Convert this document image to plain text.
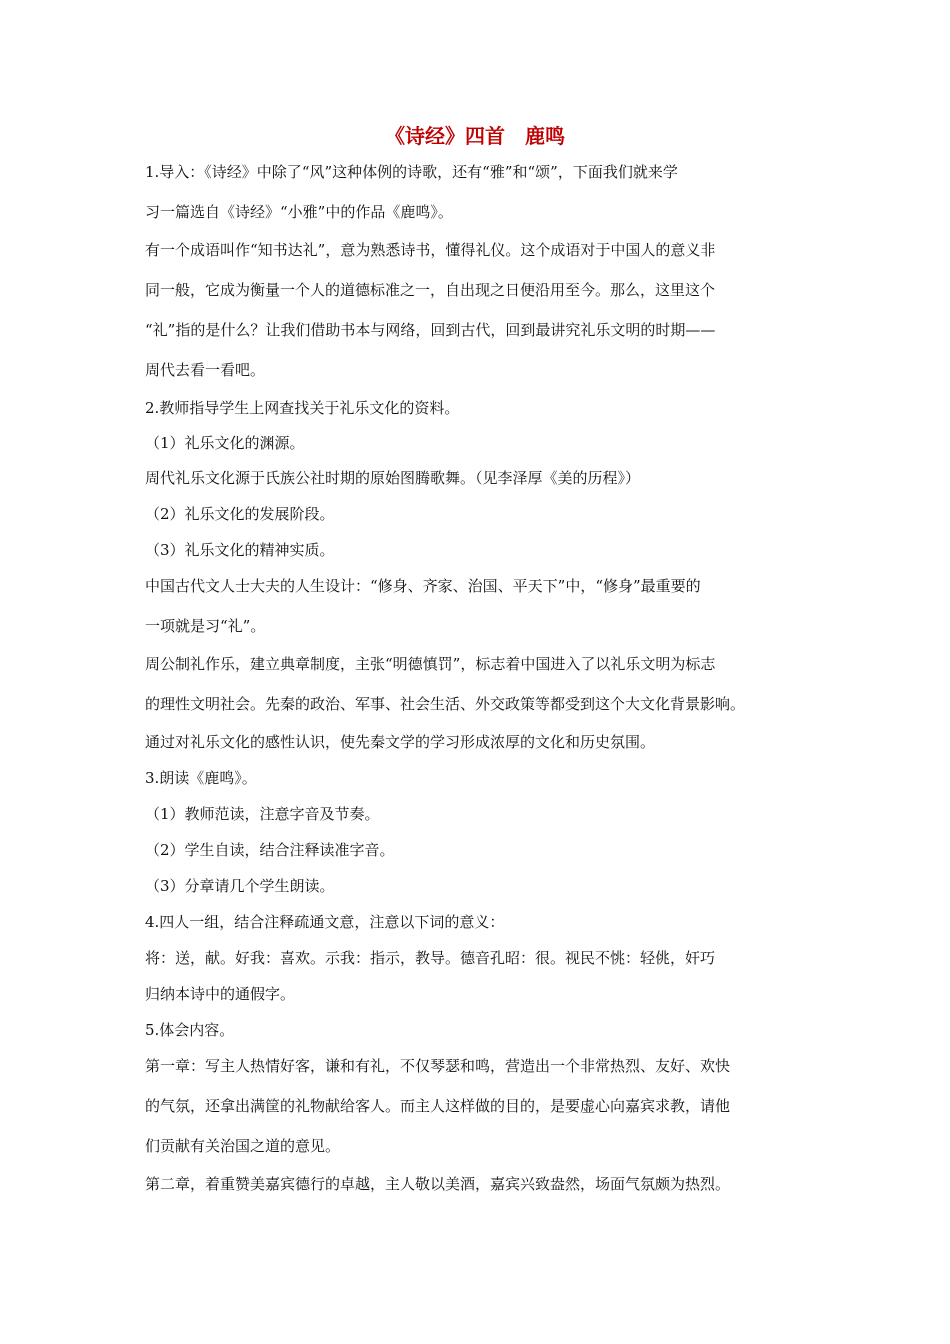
《诗经》四首　鹿鸣
1.导入：《诗经》中除了“风”这种体例的诗歌，还有“雅”和“颂”，下面我们就来学
习一篇选自《诗经》“小雅”中的作品《鹿鸣》。
有一个成语叫作“知书达礼”，意为熟悉诗书，懂得礼仪。这个成语对于中国人的意义非
同一般，它成为衡量一个人的道德标准之一，自出现之日便沿用至今。那么，这里这个
“礼”指的是什么？让我们借助书本与网络，回到古代，回到最讲究礼乐文明的时期——
周代去看一看吧。
2.教师指导学生上网查找关于礼乐文化的资料。
（1）礼乐文化的渊源。
周代礼乐文化源于氏族公社时期的原始图腾歌舞。（见李泽厚《美的历程》）
（2）礼乐文化的发展阶段。
（3）礼乐文化的精神实质。
中国古代文人士大夫的人生设计：“修身、齐家、治国、平天下”中，“修身”最重要的
一项就是习“礼”。
周公制礼作乐，建立典章制度，主张“明德慎罚”，标志着中国进入了以礼乐文明为标志
的理性文明社会。先秦的政治、军事、社会生活、外交政策等都受到这个大文化背景影响。
通过对礼乐文化的感性认识，使先秦文学的学习形成浓厚的文化和历史氛围。
3.朗读《鹿鸣》。
（1）教师范读，注意字音及节奏。
（2）学生自读，结合注释读准字音。
（3）分章请几个学生朗读。
4.四人一组，结合注释疏通文意，注意以下词的意义：
将：送，献。好我：喜欢。示我：指示，教导。德音孔昭：很。视民不恌：轻佻，奸巧
归纳本诗中的通假字。
5.体会内容。
第一章：写主人热情好客，谦和有礼，不仅琴瑟和鸣，营造出一个非常热烈、友好、欢快
的气氛，还拿出满筐的礼物献给客人。而主人这样做的目的，是要虚心向嘉宾求教，请他
们贡献有关治国之道的意见。
第二章，着重赞美嘉宾德行的卓越，主人敬以美酒，嘉宾兴致盎然，场面气氛颇为热烈。
